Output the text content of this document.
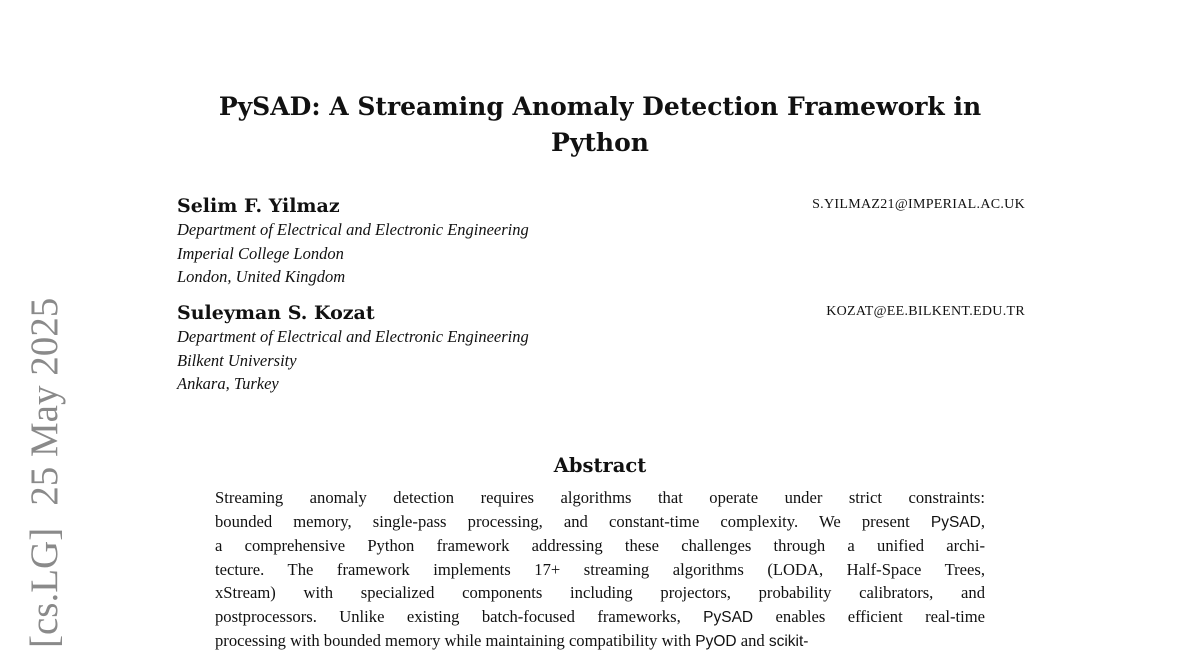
[cs.LG]25 May 2025
PySAD: A Streaming Anomaly Detection Framework in
Python
Selim F. Yilmaz	S.YILMAZ21@IMPERIAL.AC.UK
Department of Electrical and Electronic Engineering
Imperial College London
London, United Kingdom
Suleyman S. Kozat	KOZAT@EE.BILKENT.EDU.TR
Department of Electrical and Electronic Engineering
Bilkent University
Ankara, Turkey
Abstract
Streaming anomaly detection requires algorithms that operate under strict constraints:
bounded memory, single-pass processing, and constant-time complexity. We present PySAD,
a comprehensive Python framework addressing these challenges through a unified archi-
tecture. The framework implements 17+ streaming algorithms (LODA, Half-Space Trees,
xStream) with specialized components including projectors, probability calibrators, and
postprocessors. Unlike existing batch-focused frameworks, PySAD enables efficient real-time
processing with bounded memory while maintaining compatibility with PyOD and scikit-
